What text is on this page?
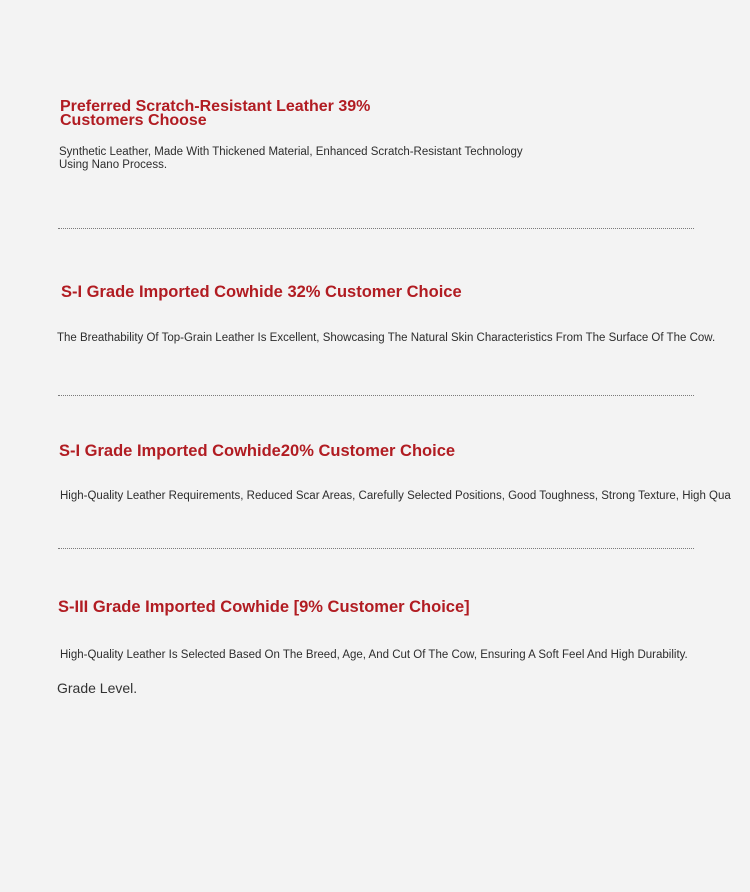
Preferred Scratch-Resistant Leather 39%
Customers Choose

Synthetic Leather, Made With Thickened Material, Enhanced Scratch-Resistant Technology
Using Nano Process.

S-I Grade Imported Cowhide 32% Customer Choice

The Breathability Of Top-Grain Leather Is Excellent, Showcasing The Natural Skin Characteristics From The Surface Of The Cow.

S-I Grade Imported Cowhide20% Customer Choice

High-Quality Leather Requirements, Reduced Scar Areas, Carefully Selected Positions, Good Toughness, Strong Texture, High Qua

S-III Grade Imported Cowhide [9% Customer Choice]

High-Quality Leather Is Selected Based On The Breed, Age, And Cut Of The Cow, Ensuring A Soft Feel And High Durability.

Grade Level.
